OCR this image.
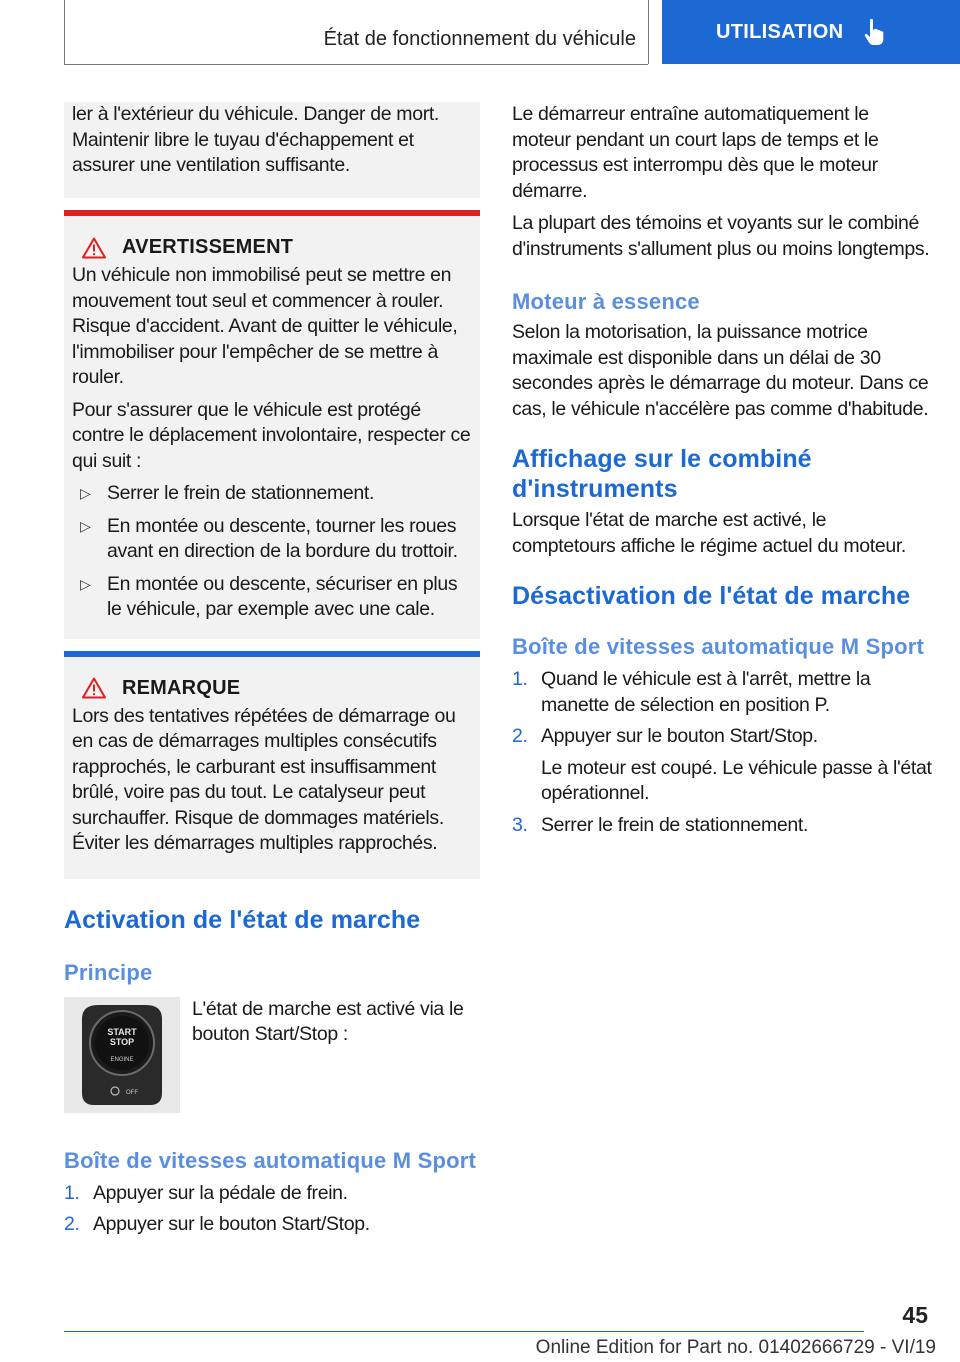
État de fonctionnement du véhicule	UTILISATION

ler à l'extérieur du véhicule. Danger de mort. Maintenir libre le tuyau d'échappement et assurer une ventilation suffisante.

AVERTISSEMENT

Un véhicule non immobilisé peut se mettre en mouvement tout seul et commencer à rouler. Risque d'accident. Avant de quitter le véhicule, l'immobiliser pour l'empêcher de se mettre à rouler.

Pour s'assurer que le véhicule est protégé contre le déplacement involontaire, respecter ce qui suit :

▷ Serrer le frein de stationnement.
▷ En montée ou descente, tourner les roues avant en direction de la bordure du trottoir.
▷ En montée ou descente, sécuriser en plus le véhicule, par exemple avec une cale.
REMARQUE

Lors des tentatives répétées de démarrage ou en cas de démarrages multiples consécutifs rapprochés, le carburant est insuffisamment brûlé, voire pas du tout. Le catalyseur peut surchauffer. Risque de dommages matériels. Éviter les démarrages multiples rapprochés.

Activation de l'état de marche
Principe
START
STOP
ENGINE
OFF

L'état de marche est activé via le bouton Start/Stop :

Boîte de vitesses automatique M Sport
1. Appuyer sur la pédale de frein.
2. Appuyer sur le bouton Start/Stop.

Le démarreur entraîne automatiquement le moteur pendant un court laps de temps et le processus est interrompu dès que le moteur démarre.

La plupart des témoins et voyants sur le combiné d'instruments s'allument plus ou moins longtemps.

Moteur à essence

Selon la motorisation, la puissance motrice maximale est disponible dans un délai de 30 secondes après le démarrage du moteur. Dans ce cas, le véhicule n'accélère pas comme d'habitude.

Affichage sur le combiné d'instruments

Lorsque l'état de marche est activé, le comptetours affiche le régime actuel du moteur.

Désactivation de l'état de marche
Boîte de vitesses automatique M Sport
1. Quand le véhicule est à l'arrêt, mettre la manette de sélection en position P.
2. Appuyer sur le bouton Start/Stop.
Le moteur est coupé. Le véhicule passe à l'état opérationnel.
3. Serrer le frein de stationnement.
45
Online Edition for Part no. 01402666729 - VI/19
